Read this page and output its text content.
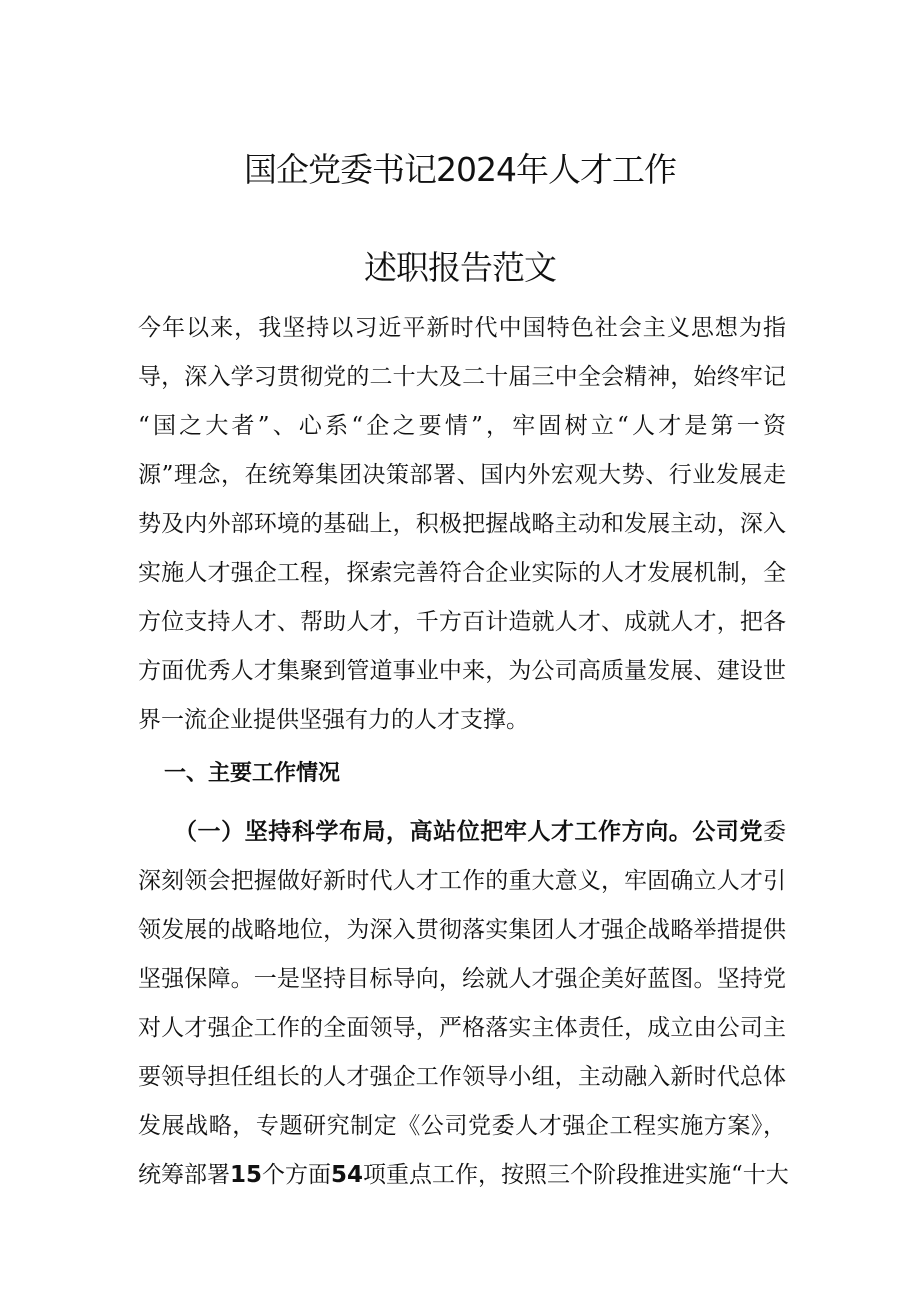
国企党委书记2024年人才工作
述职报告范文
今年以来，我坚持以习近平新时代中国特色社会主义思想为指
导，深入学习贯彻党的二十大及二十届三中全会精神，始终牢记
“国之大者”、心系“企之要情”，牢固树立“人才是第一资
源”理念，在统筹集团决策部署、国内外宏观大势、行业发展走
势及内外部环境的基础上，积极把握战略主动和发展主动，深入
实施人才强企工程，探索完善符合企业实际的人才发展机制，全
方位支持人才、帮助人才，千方百计造就人才、成就人才，把各
方面优秀人才集聚到管道事业中来，为公司高质量发展、建设世
界一流企业提供坚强有力的人才支撑。
一、主要工作情况
（一）坚持科学布局，高站位把牢人才工作方向。公司党委
深刻领会把握做好新时代人才工作的重大意义，牢固确立人才引
领发展的战略地位，为深入贯彻落实集团人才强企战略举措提供
坚强保障。一是坚持目标导向，绘就人才强企美好蓝图。坚持党
对人才强企工作的全面领导，严格落实主体责任，成立由公司主
要领导担任组长的人才强企工作领导小组，主动融入新时代总体
发展战略，专题研究制定《公司党委人才强企工程实施方案》，
统筹部署15个方面54项重点工作，按照三个阶段推进实施“十大
